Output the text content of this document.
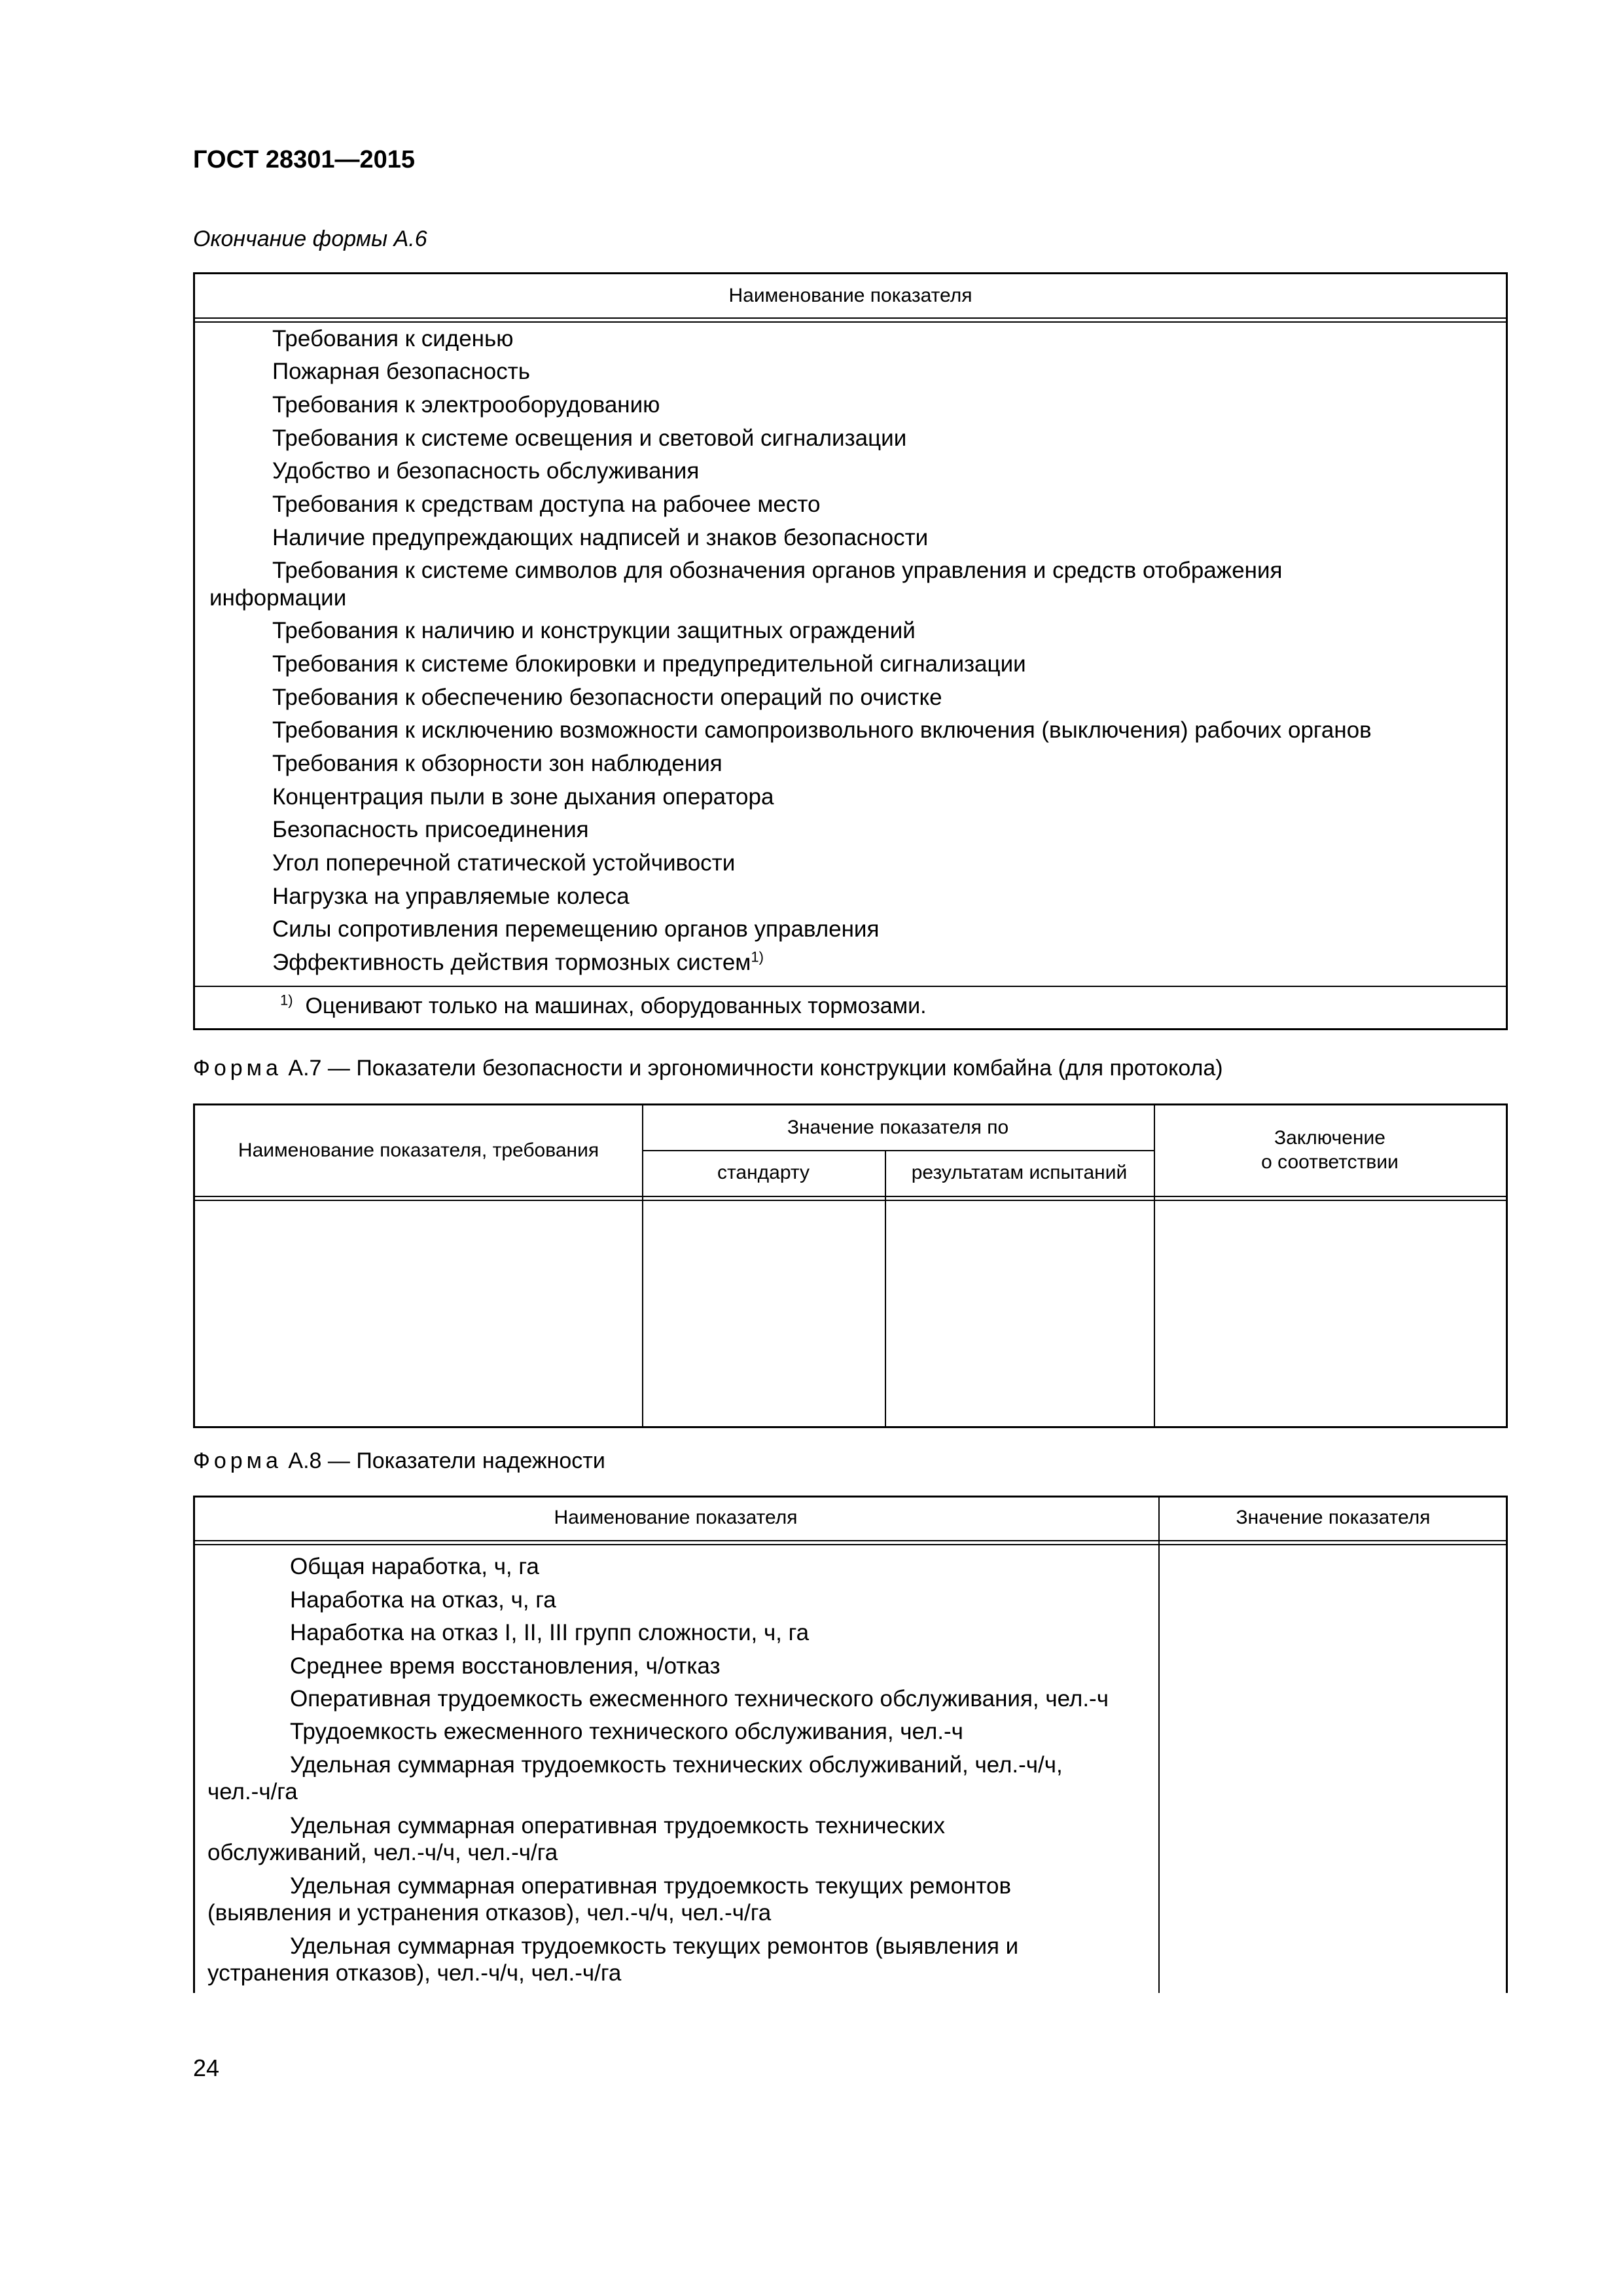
ГОСТ 28301—2015
Окончание формы А.6
Наименование показателя
Требования к сиденью
Пожарная безопасность
Требования к электрооборудованию
Требования к системе освещения и световой сигнализации
Удобство и безопасность обслуживания
Требования к средствам доступа на рабочее место
Наличие предупреждающих надписей и знаков безопасности
Требования к системе символов для обозначения органов управления и средств отображения
информации
Требования к наличию и конструкции защитных ограждений
Требования к системе блокировки и предупредительной сигнализации
Требования к обеспечению безопасности операций по очистке
Требования к исключению возможности самопроизвольного включения (выключения) рабочих органов
Требования к обзорности зон наблюдения
Концентрация пыли в зоне дыхания оператора
Безопасность присоединения
Угол поперечной статической устойчивости
Нагрузка на управляемые колеса
Силы сопротивления перемещению органов управления
Эффективность действия тормозных систем$^{1)}$
$^{1)}$ Оценивают только на машинах, оборудованных тормозами.
Форма А.7 — Показатели безопасности и эргономичности конструкции комбайна (для протокола)
Наименование показателя, требования
Значение показателя по
стандарту	результатам испытаний
Заключение
о соответствии
Форма А.8 — Показатели надежности
Наименование показателя	Значение показателя
Общая наработка, ч, га
Наработка на отказ, ч, га
Наработка на отказ I, II, III групп сложности, ч, га
Среднее время восстановления, ч/отказ
Оперативная трудоемкость ежесменного технического обслуживания, чел.-ч
Трудоемкость ежесменного технического обслуживания, чел.-ч
Удельная суммарная трудоемкость технических обслуживаний, чел.-ч/ч,
чел.-ч/га
Удельная суммарная оперативная трудоемкость технических
обслуживаний, чел.-ч/ч, чел.-ч/га
Удельная суммарная оперативная трудоемкость текущих ремонтов
(выявления и устранения отказов), чел.-ч/ч, чел.-ч/га
Удельная суммарная трудоемкость текущих ремонтов (выявления и
устранения отказов), чел.-ч/ч, чел.-ч/га
24
